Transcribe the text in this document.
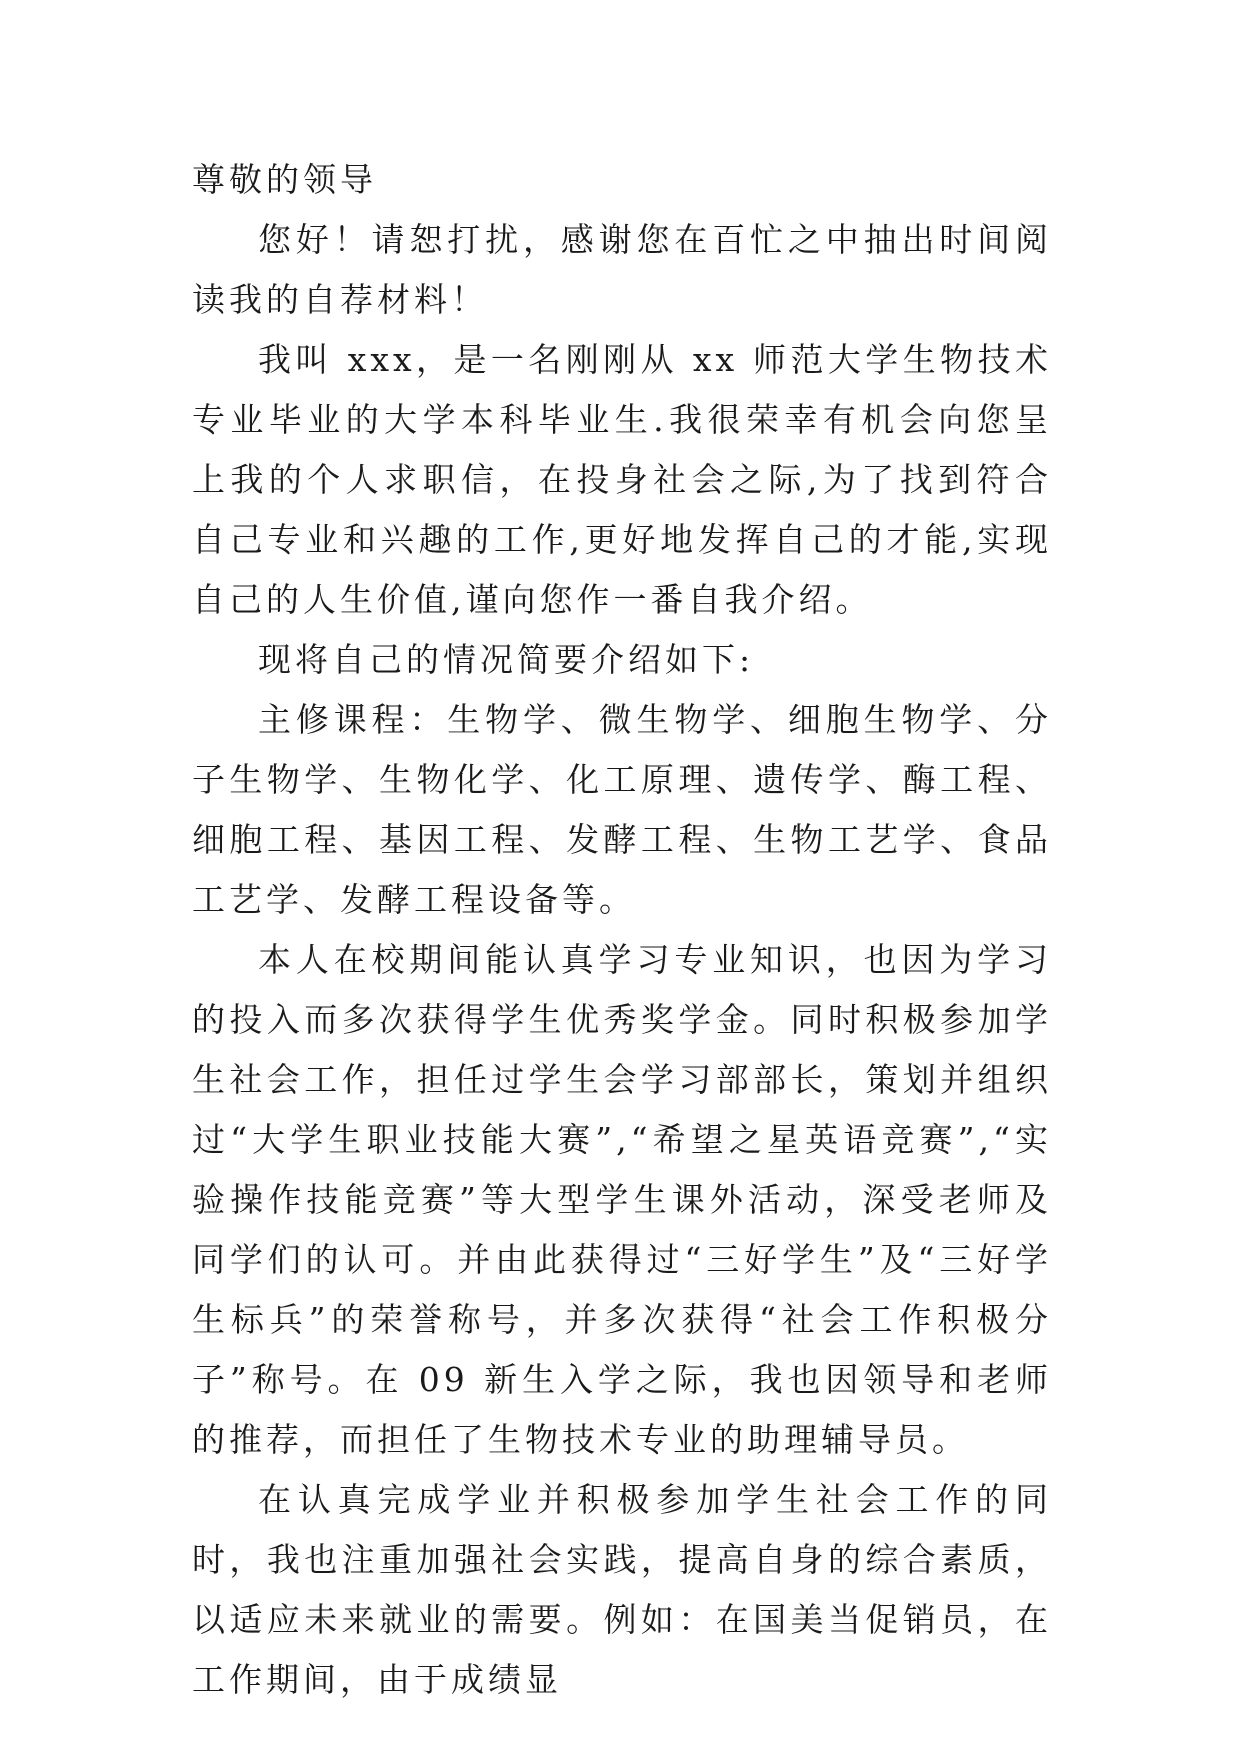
尊敬的领导

您好！请恕打扰，感谢您在百忙之中抽出时间阅读我的自荐材料！

我叫 xxx，是一名刚刚从 xx 师范大学生物技术专业毕业的大学本科毕业生.我很荣幸有机会向您呈上我的个人求职信，在投身社会之际,为了找到符合自己专业和兴趣的工作,更好地发挥自己的才能,实现自己的人生价值,谨向您作一番自我介绍。

现将自己的情况简要介绍如下:

主修课程：生物学、微生物学、细胞生物学、分子生物学、生物化学、化工原理、遗传学、酶工程、细胞工程、基因工程、发酵工程、生物工艺学、食品工艺学、发酵工程设备等。

本人在校期间能认真学习专业知识，也因为学习的投入而多次获得学生优秀奖学金。同时积极参加学生社会工作，担任过学生会学习部部长，策划并组织过“大学生职业技能大赛”,“希望之星英语竞赛”,“实验操作技能竞赛”等大型学生课外活动，深受老师及同学们的认可。并由此获得过“三好学生”及“三好学生标兵”的荣誉称号，并多次获得“社会工作积极分子”称号。在 09 新生入学之际，我也因领导和老师的推荐，而担任了生物技术专业的助理辅导员。

在认真完成学业并积极参加学生社会工作的同时，我也注重加强社会实践，提高自身的综合素质，以适应未来就业的需要。例如：在国美当促销员，在工作期间，由于成绩显
